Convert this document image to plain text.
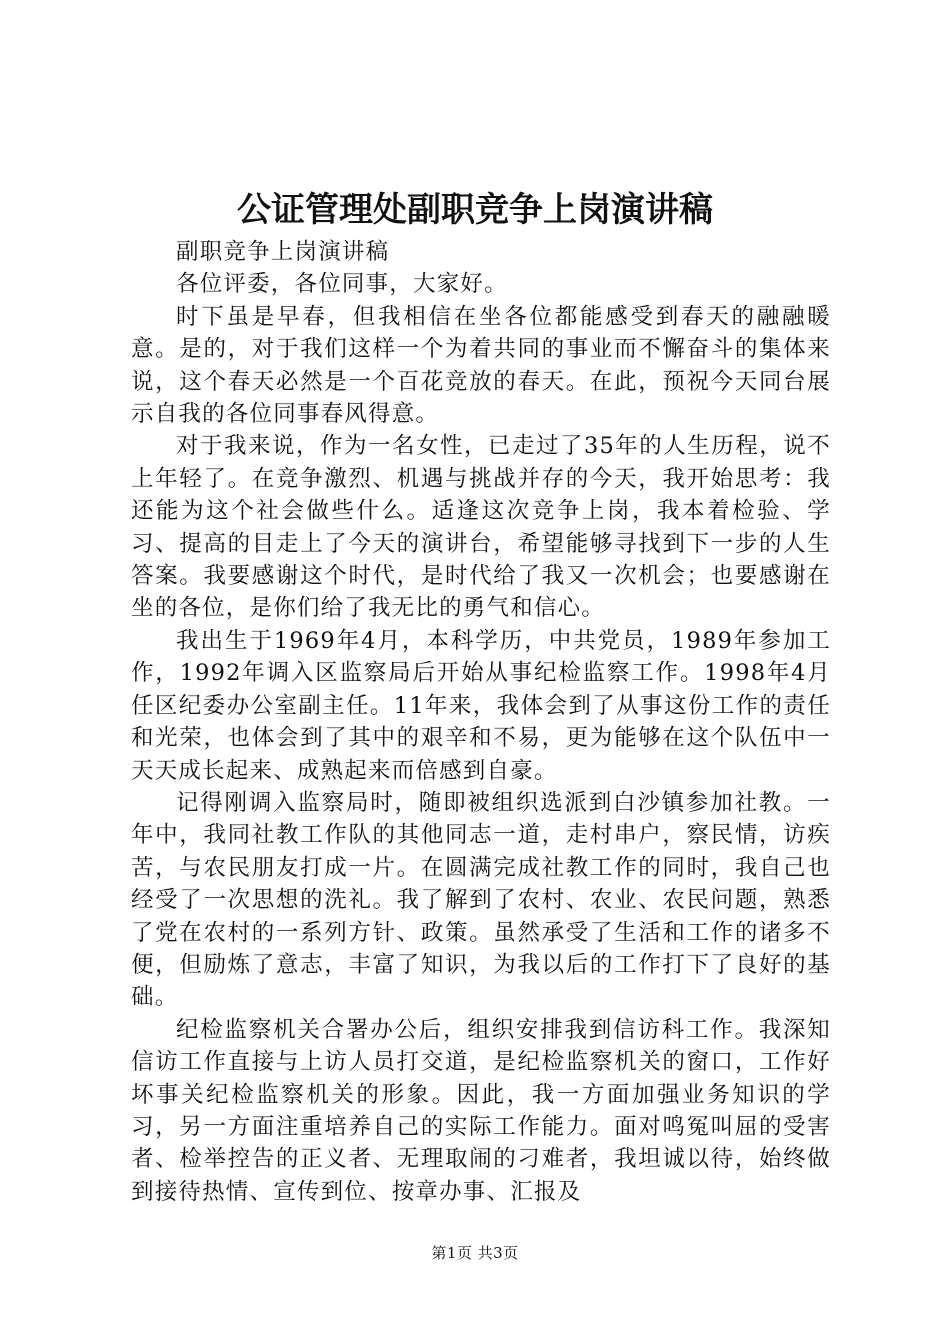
公证管理处副职竞争上岗演讲稿

副职竞争上岗演讲稿

各位评委，各位同事，大家好。

时下虽是早春，但我相信在坐各位都能感受到春天的融融暖意。是的，对于我们这样一个为着共同的事业而不懈奋斗的集体来说，这个春天必然是一个百花竞放的春天。在此，预祝今天同台展示自我的各位同事春风得意。

对于我来说，作为一名女性，已走过了35年的人生历程，说不上年轻了。在竞争激烈、机遇与挑战并存的今天，我开始思考：我还能为这个社会做些什么。适逢这次竞争上岗，我本着检验、学习、提高的目走上了今天的演讲台，希望能够寻找到下一步的人生答案。我要感谢这个时代，是时代给了我又一次机会；也要感谢在坐的各位，是你们给了我无比的勇气和信心。

我出生于1969年4月，本科学历，中共党员，1989年参加工作，1992年调入区监察局后开始从事纪检监察工作。1998年4月任区纪委办公室副主任。11年来，我体会到了从事这份工作的责任和光荣，也体会到了其中的艰辛和不易，更为能够在这个队伍中一天天成长起来、成熟起来而倍感到自豪。

记得刚调入监察局时，随即被组织选派到白沙镇参加社教。一年中，我同社教工作队的其他同志一道，走村串户，察民情，访疾苦，与农民朋友打成一片。在圆满完成社教工作的同时，我自己也经受了一次思想的洗礼。我了解到了农村、农业、农民问题，熟悉了党在农村的一系列方针、政策。虽然承受了生活和工作的诸多不便，但励炼了意志，丰富了知识，为我以后的工作打下了良好的基础。

纪检监察机关合署办公后，组织安排我到信访科工作。我深知信访工作直接与上访人员打交道，是纪检监察机关的窗口，工作好坏事关纪检监察机关的形象。因此，我一方面加强业务知识的学习，另一方面注重培养自己的实际工作能力。面对鸣冤叫屈的受害者、检举控告的正义者、无理取闹的刁难者，我坦诚以待，始终做到接待热情、宣传到位、按章办事、汇报及

第1页 共3页
